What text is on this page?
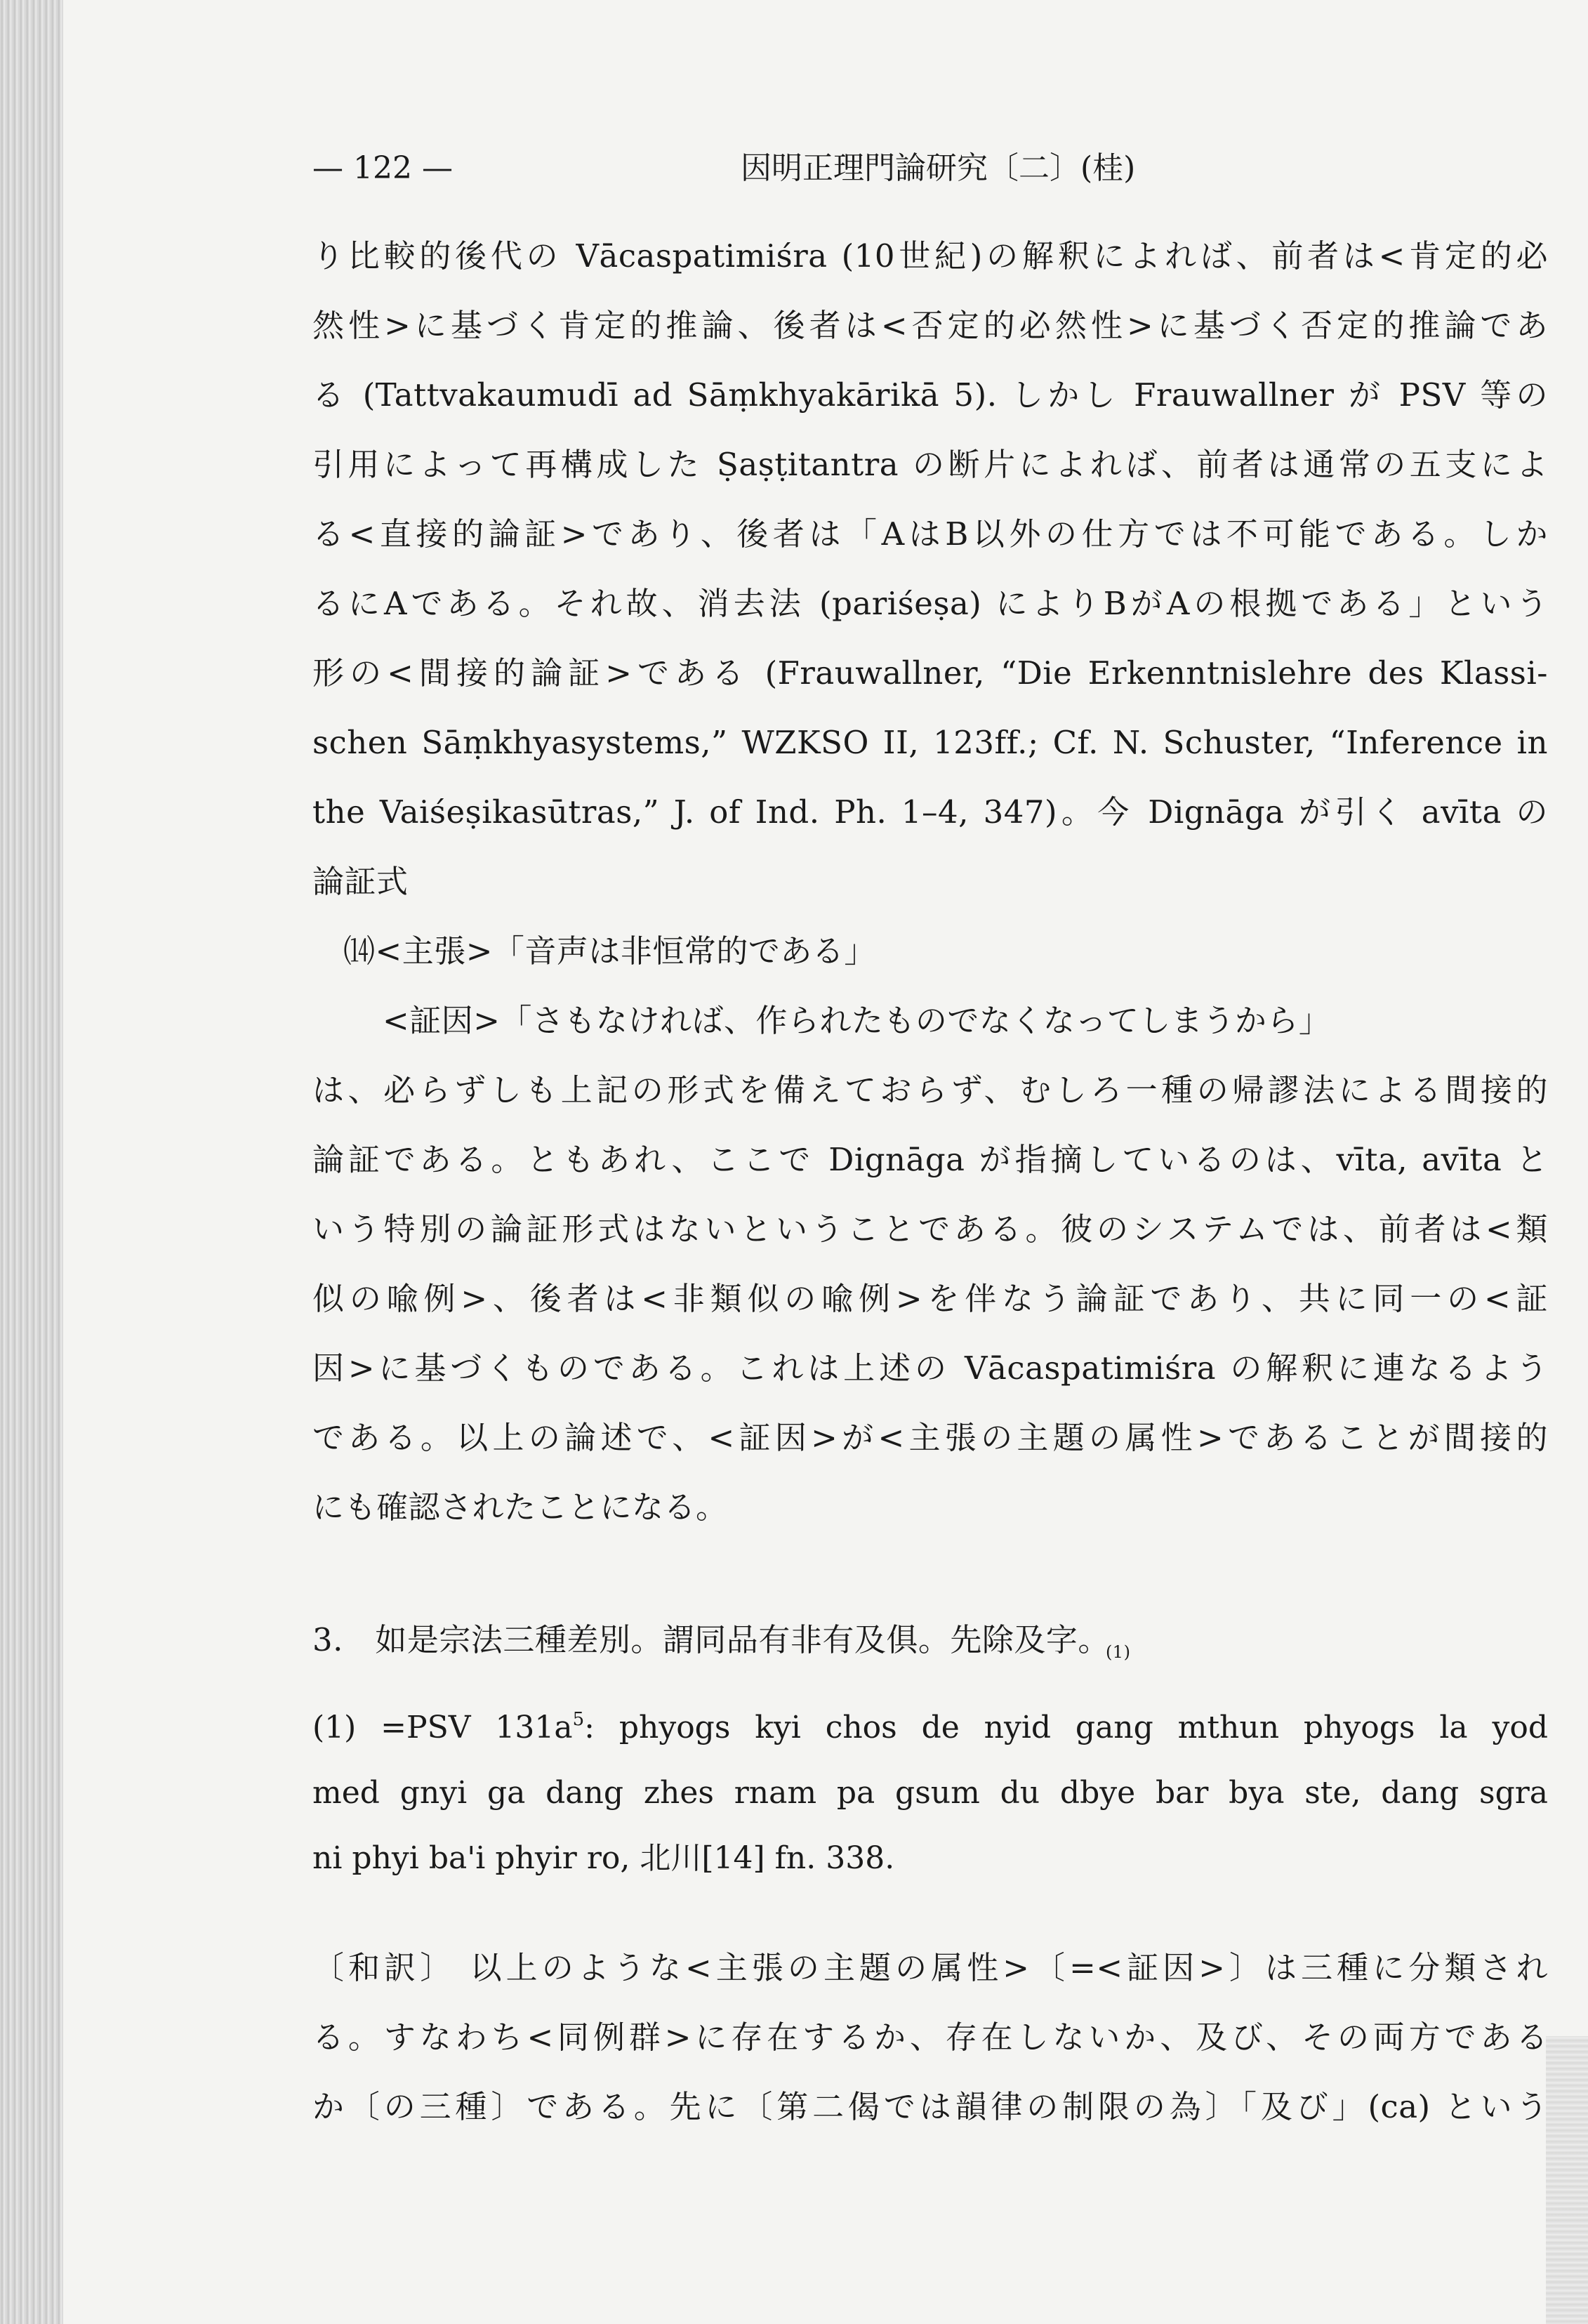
— 122 —	因明正理門論研究〔二〕(桂)

り比較的後代の Vācaspatimiśra (10世紀)の解釈によれば、前者は<肯定的必
然性>に基づく肯定的推論、後者は<否定的必然性>に基づく否定的推論であ
る (Tattvakaumudī ad Sāṃkhyakārikā 5). しかし Frauwallner が PSV 等の
引用によって再構成した Ṣaṣṭitantra の断片によれば、前者は通常の五支によ
る<直接的論証>であり、後者は「AはB以外の仕方では不可能である。しか
るにAである。それ故、消去法 (pariśeṣa) によりBがAの根拠である」という
形の<間接的論証>である (Frauwallner, “Die Erkenntnislehre des Klassi-
schen Sāṃkhyasystems,” WZKSO II, 123ff.; Cf. N. Schuster, “Inference in
the Vaiśeṣikasūtras,” J. of Ind. Ph. 1–4, 347)。今 Dignāga が引く avīta の
論証式

⒁<主張>「音声は非恒常的である」
<証因>「さもなければ、作られたものでなくなってしまうから」

は、必らずしも上記の形式を備えておらず、むしろ一種の帰謬法による間接的
論証である。ともあれ、ここで Dignāga が指摘しているのは、vīta, avīta と
いう特別の論証形式はないということである。彼のシステムでは、前者は<類
似の喩例>、後者は<非類似の喩例>を伴なう論証であり、共に同一の<証
因>に基づくものである。これは上述の Vācaspatimiśra の解釈に連なるよう
である。以上の論述で、<証因>が<主張の主題の属性>であることが間接的
にも確認されたことになる。

3.　如是宗法三種差別。謂同品有非有及俱。先除及字。$_{(1)}$

(1) =PSV $131a^5$: phyogs kyi chos de nyid gang mthun phyogs la yod
med gnyi ga dang zhes rnam pa gsum du dbye bar bya ste, dang sgra
ni phyi ba'i phyir ro, 北川[14] fn. 338.

〔和訳〕 以上のような<主張の主題の属性>〔=<証因>〕は三種に分類され
る。すなわち<同例群>に存在するか、存在しないか、及び、その両方である
か〔の三種〕である。先に〔第二偈では韻律の制限の為〕「及び」(ca) という
